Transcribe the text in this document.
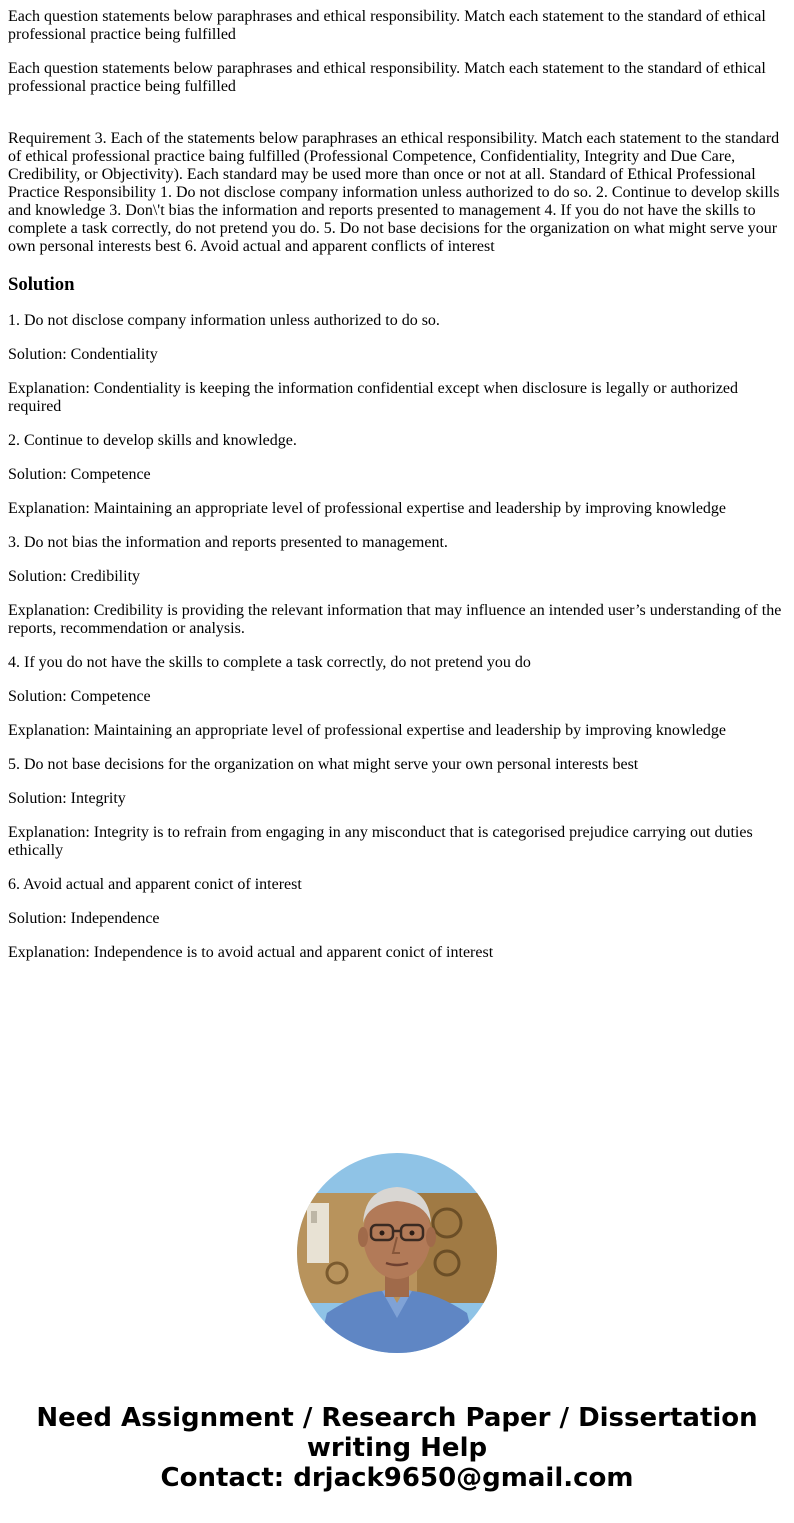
Each question statements below paraphrases and ethical responsibility. Match each statement to the standard of ethical professional practice being fulfilled

Each question statements below paraphrases and ethical responsibility. Match each statement to the standard of ethical professional practice being fulfilled

Requirement 3. Each of the statements below paraphrases an ethical responsibility. Match each statement to the standard of ethical professional practice baing fulfilled (Professional Competence, Confidentiality, Integrity and Due Care, Credibility, or Objectivity). Each standard may be used more than once or not at all. Standard of Ethical Professional Practice Responsibility 1. Do not disclose company information unless authorized to do so. 2. Continue to develop skills and knowledge 3. Don\'t bias the information and reports presented to management 4. If you do not have the skills to complete a task correctly, do not pretend you do. 5. Do not base decisions for the organization on what might serve your own personal interests best 6. Avoid actual and apparent conflicts of interest

Solution

1. Do not disclose company information unless authorized to do so.

Solution: Condentiality

Explanation: Condentiality is keeping the information confidential except when disclosure is legally or authorized required

2. Continue to develop skills and knowledge.

Solution: Competence

Explanation: Maintaining an appropriate level of professional expertise and leadership by improving knowledge

3. Do not bias the information and reports presented to management.

Solution: Credibility

Explanation: Credibility is providing the relevant information that may influence an intended user’s understanding of the reports, recommendation or analysis.

4. If you do not have the skills to complete a task correctly, do not pretend you do

Solution: Competence

Explanation: Maintaining an appropriate level of professional expertise and leadership by improving knowledge

5. Do not base decisions for the organization on what might serve your own personal interests best

Solution: Integrity

Explanation: Integrity is to refrain from engaging in any misconduct that is categorised prejudice carrying out duties ethically

6. Avoid actual and apparent conict of interest

Solution: Independence

Explanation: Independence is to avoid actual and apparent conict of interest

Need Assignment / Research Paper / Dissertation
writing Help
Contact: drjack9650@gmail.com
